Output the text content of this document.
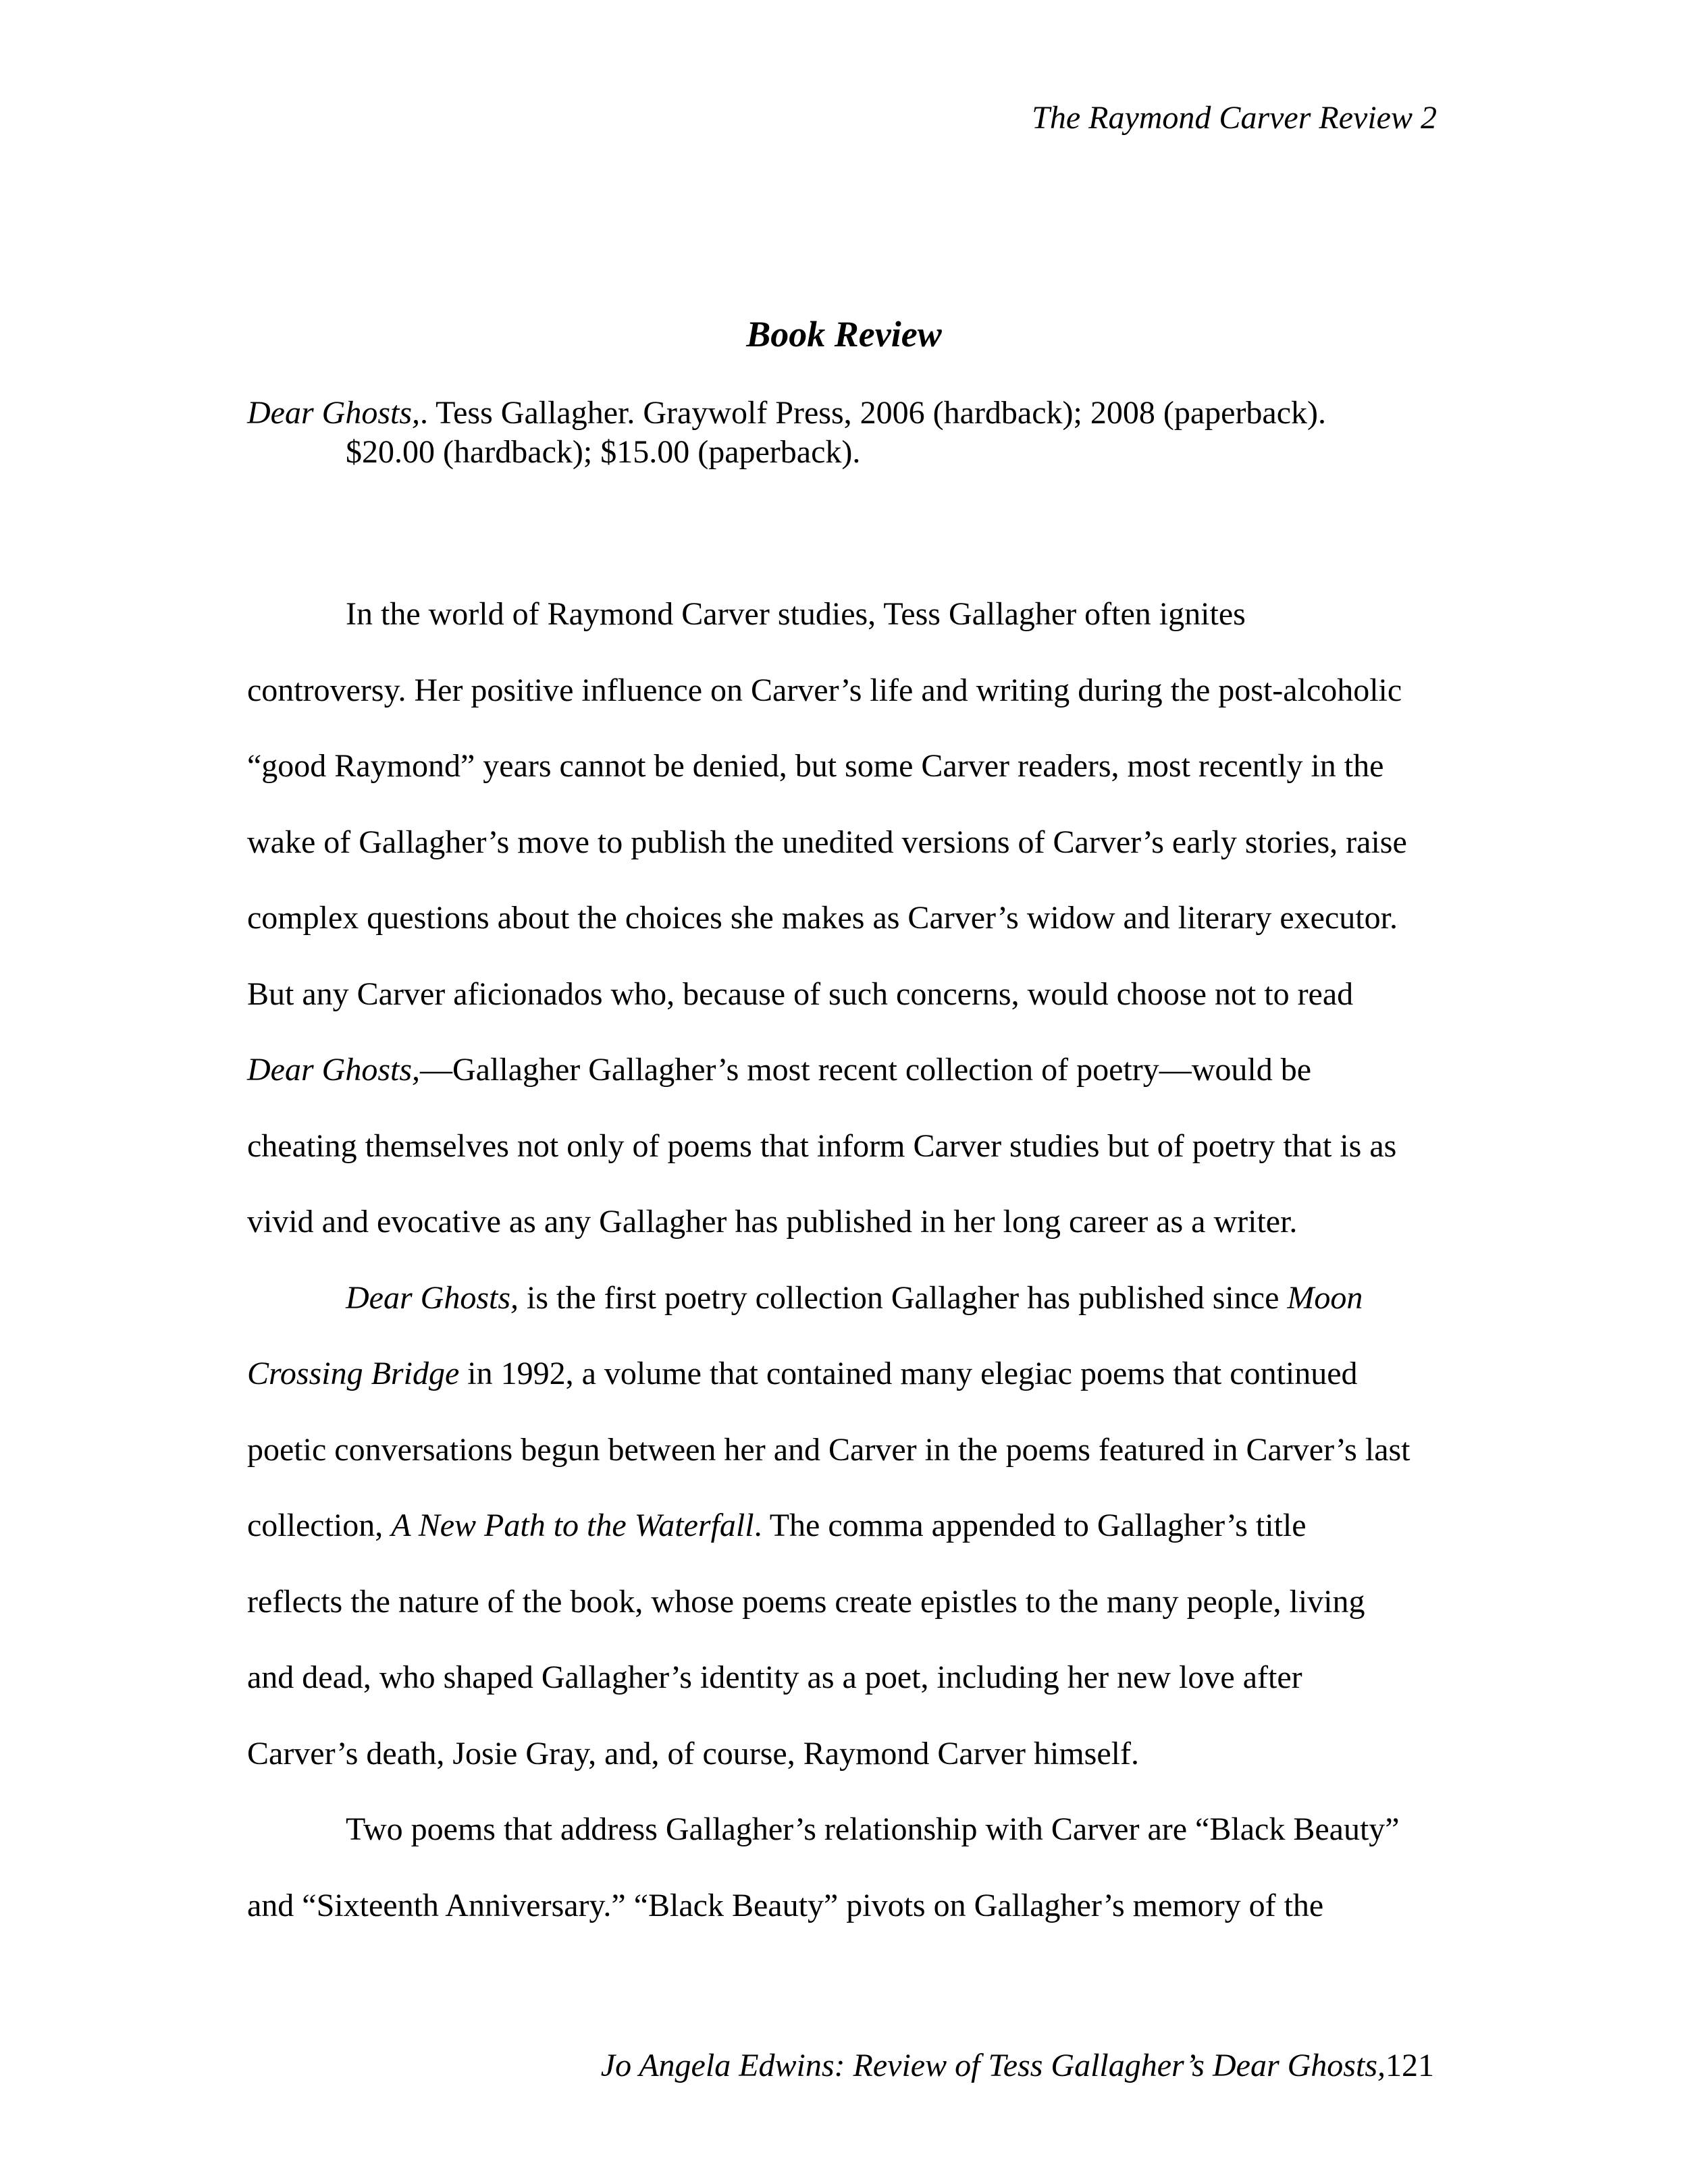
The Raymond Carver Review 2
Book Review
Dear Ghosts,. Tess Gallagher. Graywolf Press, 2006 (hardback); 2008 (paperback).
$20.00 (hardback); $15.00 (paperback).
In the world of Raymond Carver studies, Tess Gallagher often ignites
controversy. Her positive influence on Carver’s life and writing during the post-alcoholic
“good Raymond” years cannot be denied, but some Carver readers, most recently in the
wake of Gallagher’s move to publish the unedited versions of Carver’s early stories, raise
complex questions about the choices she makes as Carver’s widow and literary executor.
But any Carver aficionados who, because of such concerns, would choose not to read
Dear Ghosts,—Gallagher Gallagher’s most recent collection of poetry—would be
cheating themselves not only of poems that inform Carver studies but of poetry that is as
vivid and evocative as any Gallagher has published in her long career as a writer.
Dear Ghosts, is the first poetry collection Gallagher has published since Moon
Crossing Bridge in 1992, a volume that contained many elegiac poems that continued
poetic conversations begun between her and Carver in the poems featured in Carver’s last
collection, A New Path to the Waterfall. The comma appended to Gallagher’s title
reflects the nature of the book, whose poems create epistles to the many people, living
and dead, who shaped Gallagher’s identity as a poet, including her new love after
Carver’s death, Josie Gray, and, of course, Raymond Carver himself.
Two poems that address Gallagher’s relationship with Carver are “Black Beauty”
and “Sixteenth Anniversary.” “Black Beauty” pivots on Gallagher’s memory of the
Jo Angela Edwins: Review of Tess Gallagher’s Dear Ghosts,121
